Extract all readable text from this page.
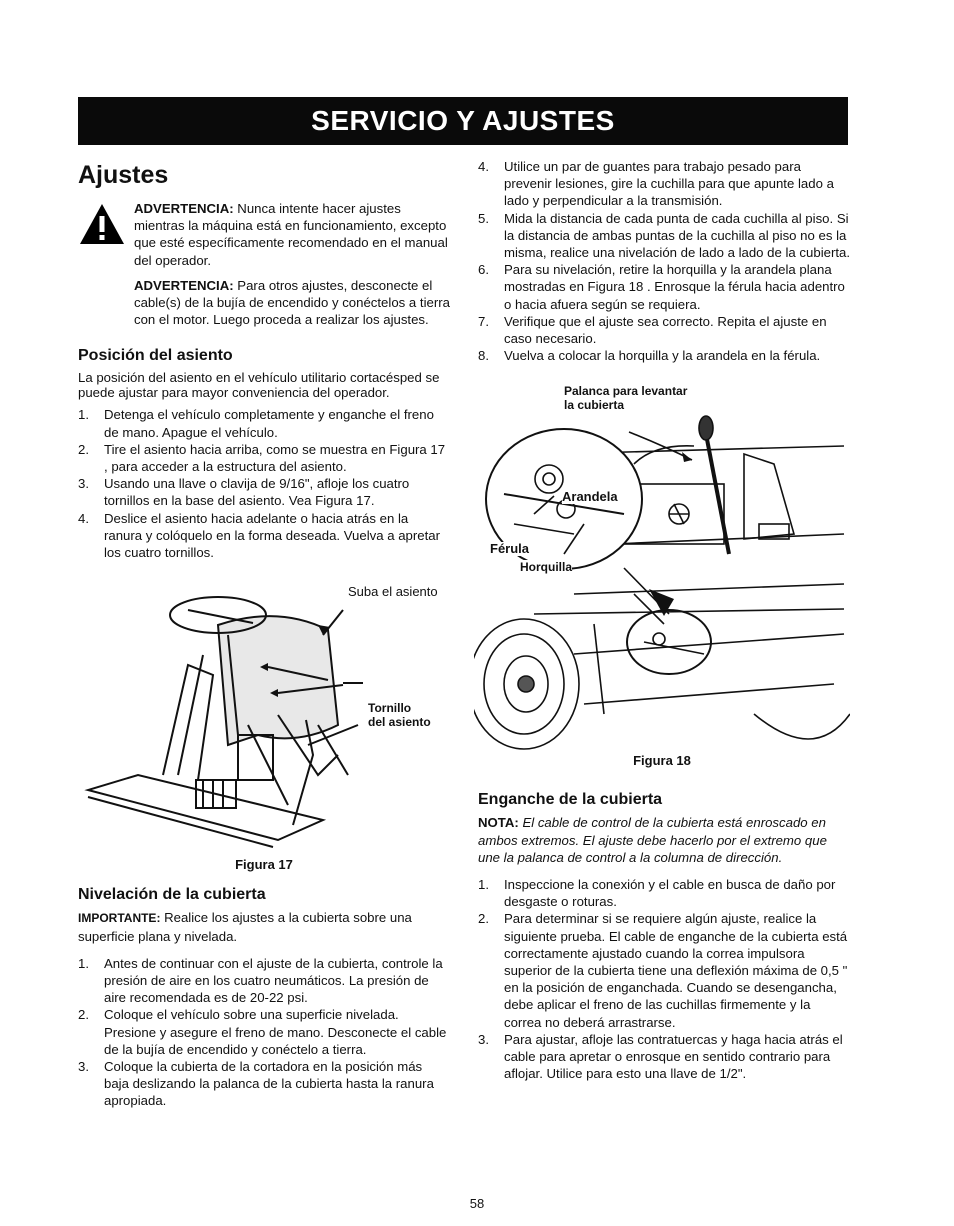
SERVICIO Y AJUSTES
Ajustes

ADVERTENCIA: Nunca intente hacer ajustes mientras la máquina está en funcionamiento, excepto que esté específicamente recomendado en el manual del operador.

ADVERTENCIA: Para otros ajustes, desconecte el cable(s) de la bujía de encendido y conéctelos a tierra con el motor. Luego proceda a realizar los ajustes.

Posición del asiento

La posición del asiento en el vehículo utilitario cortacésped se puede ajustar para mayor conveniencia del operador.

1. Detenga el vehículo completamente y enganche el freno de mano. Apague el vehículo.
2. Tire el asiento hacia arriba, como se muestra en Figura 17 , para acceder a la estructura del asiento.
3. Usando una llave o clavija de 9/16", afloje los cuatro tornillos en la base del asiento. Vea Figura 17.
4. Deslice el asiento hacia adelante o hacia atrás en la ranura y colóquelo en la forma deseada. Vuelva a apretar los cuatro tornillos.
Suba el asiento
Tornillo
del asiento
Figura 17
Nivelación de la cubierta

IMPORTANTE: Realice los ajustes a la cubierta sobre una superficie plana y nivelada.

1. Antes de continuar con el ajuste de la cubierta, controle la presión de aire en los cuatro neumáticos. La presión de aire recomendada es de 20-22 psi.
2. Coloque el vehículo sobre una superficie nivelada. Presione y asegure el freno de mano. Desconecte el cable de la bujía de encendido y conéctelo a tierra.
3. Coloque la cubierta de la cortadora en la posición más baja deslizando la palanca de la cubierta hasta la ranura apropiada.
4. Utilice un par de guantes para trabajo pesado para prevenir lesiones, gire la cuchilla para que apunte lado a lado y perpendicular a la transmisión.
5. Mida la distancia de cada punta de cada cuchilla al piso. Si la distancia de ambas puntas de la cuchilla al piso no es la misma, realice una nivelación de lado a lado de la cubierta.
6. Para su nivelación, retire la horquilla y la arandela plana mostradas en Figura 18 . Enrosque la férula hacia adentro o hacia afuera según se requiera.
7. Verifique que el ajuste sea correcto. Repita el ajuste en caso necesario.
8. Vuelva a colocar la horquilla y la arandela en la férula.
Palanca para levantar
la cubierta
Arandela
Férula
Horquilla
Figura 18
Enganche de la cubierta

NOTA: El cable de control de la cubierta está enroscado en ambos extremos. El ajuste debe hacerlo por el extremo que une la palanca de control a la columna de dirección.

1. Inspeccione la conexión y el cable en busca de daño por desgaste o roturas.
2. Para determinar si se requiere algún ajuste, realice la siguiente prueba. El cable de enganche de la cubierta está correctamente ajustado cuando la correa impulsora superior de la cubierta tiene una deflexión máxima de 0,5 " en la posición de enganchada. Cuando se desengancha, debe aplicar el freno de las cuchillas firmemente y la correa no deberá arrastrarse.
3. Para ajustar, afloje las contratuercas y haga hacia atrás el cable para apretar o enrosque en sentido contrario para aflojar. Utilice para esto una llave de 1/2".
58
